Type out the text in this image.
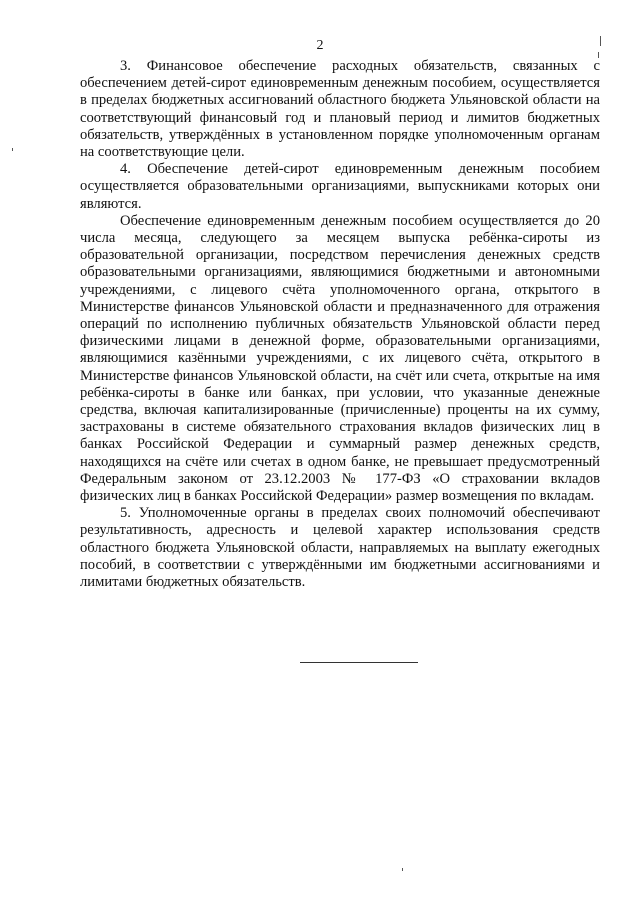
2

3. Финансовое обеспечение расходных обязательств, связанных с обеспечением детей-сирот единовременным денежным пособием, осуществляется в пределах бюджетных ассигнований областного бюджета Ульяновской области на соответствующий финансовый год и плановый период и лимитов бюджетных обязательств, утверждённых в установленном порядке уполномоченным органам на соответствующие цели.

4. Обеспечение детей-сирот единовременным денежным пособием осуществляется образовательными организациями, выпускниками которых они являются.

Обеспечение единовременным денежным пособием осуществляется до 20 числа месяца, следующего за месяцем выпуска ребёнка-сироты из образовательной организации, посредством перечисления денежных средств образовательными организациями, являющимися бюджетными и автономными учреждениями, с лицевого счёта уполномоченного органа, открытого в Министерстве финансов Ульяновской области и предназначенного для отражения операций по исполнению публичных обязательств Ульяновской области перед физическими лицами в денежной форме, образовательными организациями, являющимися казёнными учреждениями, с их лицевого счёта, открытого в Министерстве финансов Ульяновской области, на счёт или счета, открытые на имя ребёнка-сироты в банке или банках, при условии, что указанные денежные средства, включая капитализированные (причисленные) проценты на их сумму, застрахованы в системе обязательного страхования вкладов физических лиц в банках Российской Федерации и суммарный размер денежных средств, находящихся на счёте или счетах в одном банке, не превышает предусмотренный Федеральным законом от 23.12.2003 № 177-ФЗ «О страховании вкладов физических лиц в банках Российской Федерации» размер возмещения по вкладам.

5. Уполномоченные органы в пределах своих полномочий обеспечивают результативность, адресность и целевой характер использования средств областного бюджета Ульяновской области, направляемых на выплату ежегодных пособий, в соответствии с утверждёнными им бюджетными ассигнованиями и лимитами бюджетных обязательств.
